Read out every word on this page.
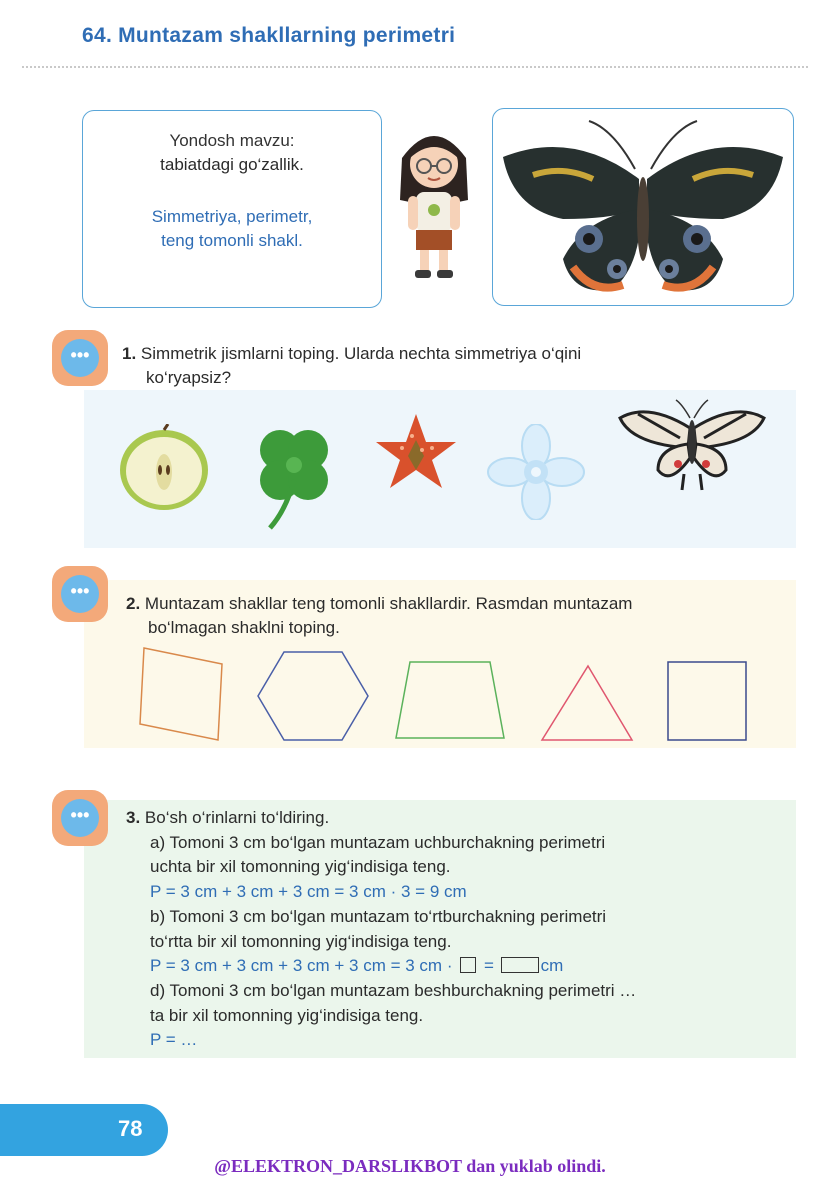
64. Muntazam shakllarning perimetri
Yondosh mavzu:
tabiatdagi go‘zallik.
Simmetriya, perimetr,
teng tomonli shakl.
•••	1. Simmetrik jismlarni toping. Ularda nechta simmetriya o‘qini
ko‘ryapsiz?
•••
2. Muntazam shakllar teng tomonli shakllardir. Rasmdan muntazam
bo‘lmagan shaklni toping.
•••	3. Bo‘sh o‘rinlarni to‘ldiring.
a) Tomoni 3 cm bo‘lgan muntazam uchburchakning perimetri
uchta bir xil tomonning yig‘indisiga teng.
P = 3 cm + 3 cm + 3 cm = 3 cm · 3 = 9 cm
b) Tomoni 3 cm bo‘lgan muntazam to‘rtburchakning perimetri
to‘rtta bir xil tomonning yig‘indisiga teng.
P = 3 cm + 3 cm + 3 cm + 3 cm = 3 cm · =	cm
d) Tomoni 3 cm bo‘lgan muntazam beshburchakning perimetri …
ta bir xil tomonning yig‘indisiga teng.
P = …
78
@ELEKTRON_DARSLIKBOT dan yuklab olindi.
